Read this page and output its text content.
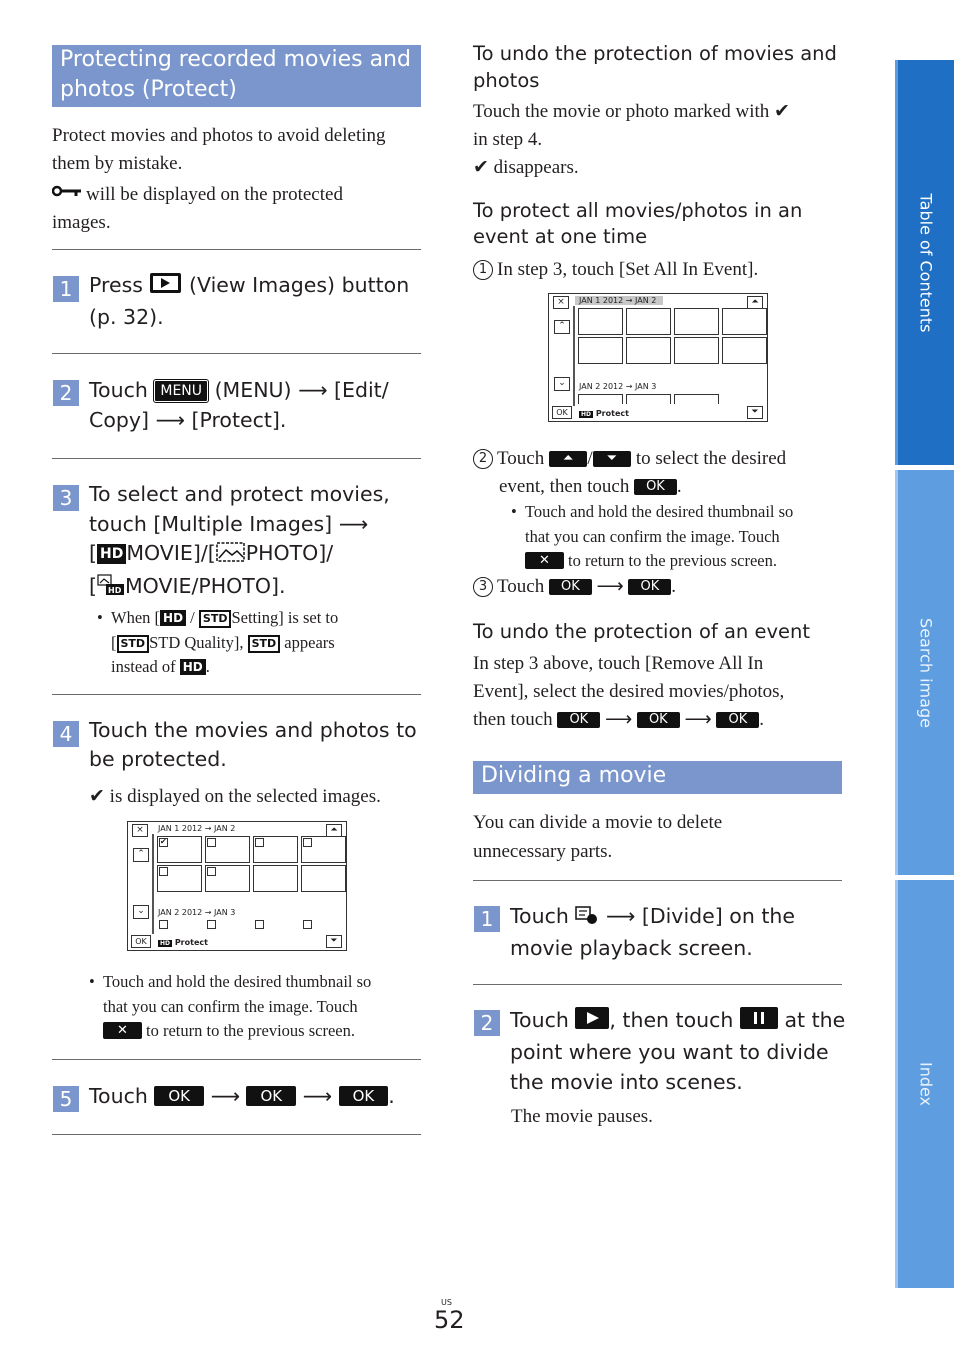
Protecting recorded movies and photos (Protect)
Protect movies and photos to avoid deleting
them by mistake.
will be displayed on the protected
images.
1 Press (View Images) button
(p. 32).
2 Touch MENU (MENU) ⟶ [Edit/
Copy] ⟶ [Protect].
3 To select and protect movies,
touch [Multiple Images] ⟶
[ HD MOVIE]/[ PHOTO]/
[ HD MOVIE/PHOTO].
• When [ HD / STD Setting] is set to
[ STD STD Quality], STD appears
instead of HD .
4 Touch the movies and photos to
be protected.
✔ is displayed on the selected images.
×	JAN 1 2012 → JAN 2	⏶
⌃
⌄
✔
JAN 2 2012 → JAN 3
OK	HD Protect	⏷
• Touch and hold the desired thumbnail so
that you can confirm the image. Touch
✕ to return to the previous screen.
5 Touch OK ⟶ OK ⟶ OK .
To undo the protection of movies and
photos
Touch the movie or photo marked with ✔
in step 4.
✔ disappears.
To protect all movies/photos in an
event at one time
1 In step 3, touch [Set All In Event].
×	JAN 1 2012 → JAN 2	⏶
⌃
⌄	JAN 2 2012 → JAN 3
OK	HD Protect	⏷
2 Touch ⏶ / ⏷ to select the desired
event, then touch OK .
• Touch and hold the desired thumbnail so
that you can confirm the image. Touch
✕ to return to the previous screen.
3 Touch OK ⟶ OK .
To undo the protection of an event
In step 3 above, touch [Remove All In
Event], select the desired movies/photos,
then touch OK ⟶ OK ⟶ OK .
Dividing a movie
You can divide a movie to delete
unnecessary parts.
1 Touch ⟶ [Divide] on the
movie playback screen.
2 Touch , then touch at the
point where you want to divide
the movie into scenes.
The movie pauses.
US
52
Table of Contents
Search image
Index
